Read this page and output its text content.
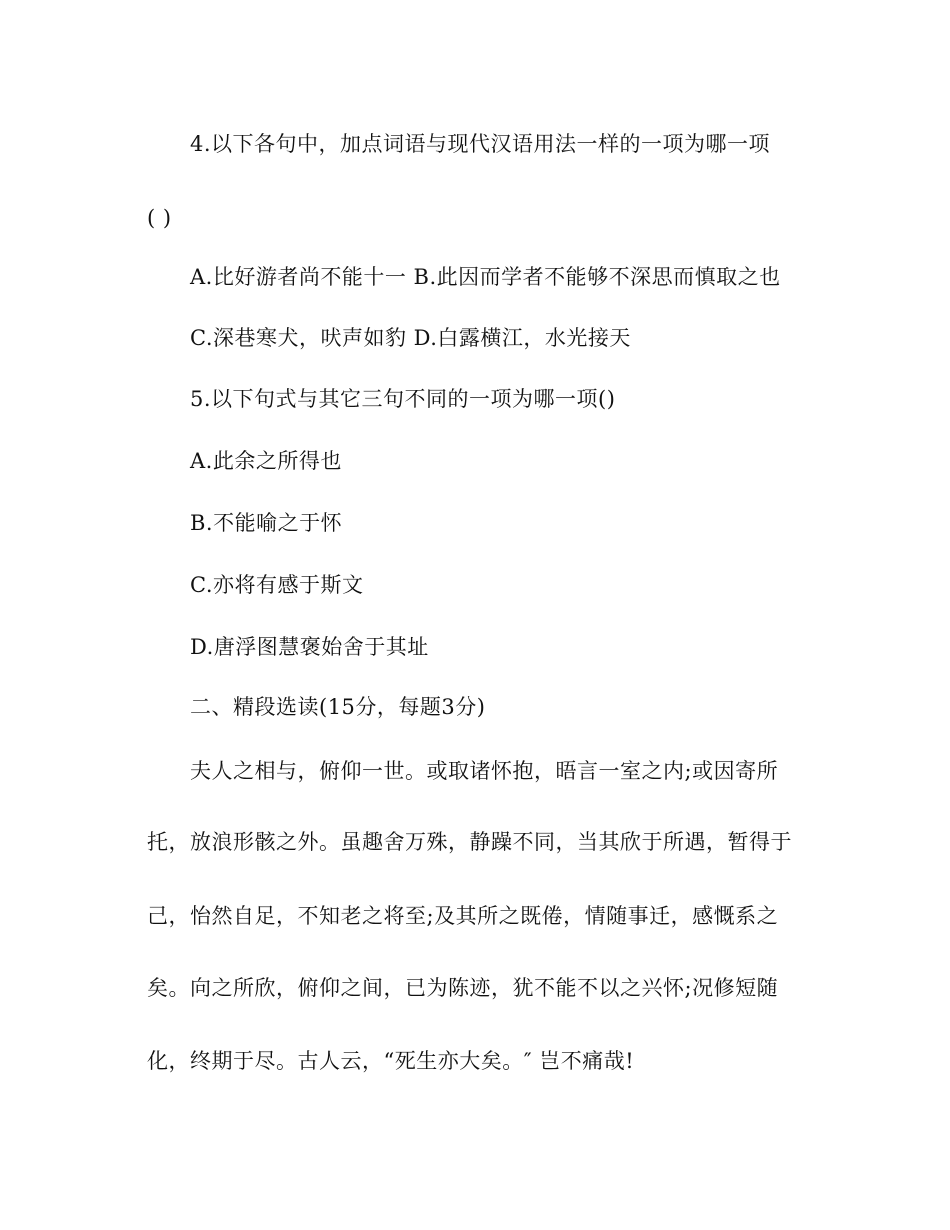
4.以下各句中，加点词语与现代汉语用法一样的一项为哪一项
( )
A.比好游者尚不能十一 B.此因而学者不能够不深思而慎取之也
C.深巷寒犬，吠声如豹 D.白露横江，水光接天
5.以下句式与其它三句不同的一项为哪一项()
A.此余之所得也
B.不能喻之于怀
C.亦将有感于斯文
D.唐浮图慧褒始舍于其址
二、精段选读(15分，每题3分)
夫人之相与，俯仰一世。或取诸怀抱，晤言一室之内;或因寄所
托，放浪形骸之外。虽趣舍万殊，静躁不同，当其欣于所遇，暂得于
己，怡然自足，不知老之将至;及其所之既倦，情随事迁，感慨系之
矣。向之所欣，俯仰之间，已为陈迹，犹不能不以之兴怀;况修短随
化，终期于尽。古人云，“死生亦大矣。″ 岂不痛哉!
